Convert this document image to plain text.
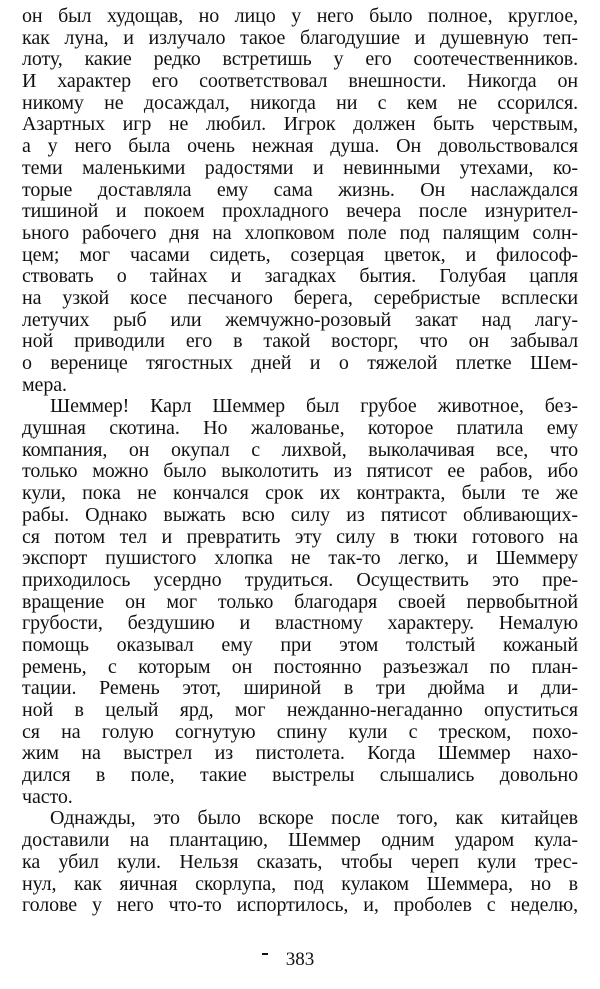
он был худощав, но лицо у него было полное, круглое,
как луна, и излучало такое благодушие и душевную теп-
лоту, какие редко встретишь у его соотечественников.
И характер его соответствовал внешности. Никогда он
никому не досаждал, никогда ни с кем не ссорился.
Азартных игр не любил. Игрок должен быть черствым,
а у него была очень нежная душа. Он довольствовался
теми маленькими радостями и невинными утехами, ко-
торые доставляла ему сама жизнь. Он наслаждался
тишиной и покоем прохладного вечера после изнурител-
ьного рабочего дня на хлопковом поле под палящим солн-
цем; мог часами сидеть, созерцая цветок, и философ-
ствовать о тайнах и загадках бытия. Голубая цапля
на узкой косе песчаного берега, серебристые всплески
летучих рыб или жемчужно-розовый закат над лагу-
ной приводили его в такой восторг, что он забывал
о веренице тягостных дней и о тяжелой плетке Шем-
мера.
Шеммер! Карл Шеммер был грубое животное, без-
душная скотина. Но жалованье, которое платила ему
компания, он окупал с лихвой, выколачивая все, что
только можно было выколотить из пятисот ее рабов, ибо
кули, пока не кончался срок их контракта, были те же
рабы. Однако выжать всю силу из пятисот обливающих-
ся потом тел и превратить эту силу в тюки готового на
экспорт пушистого хлопка не так-то легко, и Шеммеру
приходилось усердно трудиться. Осуществить это пре-
вращение он мог только благодаря своей первобытной
грубости, бездушию и властному характеру. Немалую
помощь оказывал ему при этом толстый кожаный
ремень, с которым он постоянно разъезжал по план-
тации. Ремень этот, шириной в три дюйма и дли-
ной в целый ярд, мог нежданно-негаданно опуститься
ся на голую согнутую спину кули с треском, похо-
жим на выстрел из пистолета. Когда Шеммер нахо-
дился в поле, такие выстрелы слышались довольно
часто.
Однажды, это было вскоре после того, как китайцев
доставили на плантацию, Шеммер одним ударом кула-
ка убил кули. Нельзя сказать, чтобы череп кули трес-
нул, как яичная скорлупа, под кулаком Шеммера, но в
голове у него что-то испортилось, и, проболев с неделю,
383
